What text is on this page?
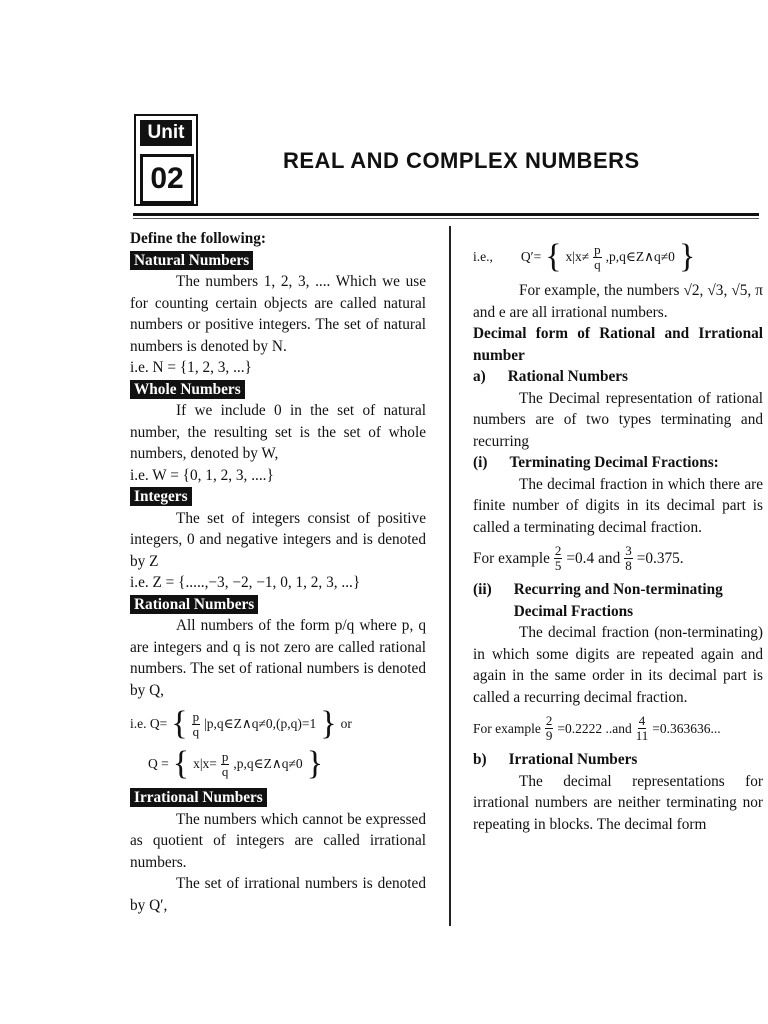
Unit
02
REAL AND COMPLEX NUMBERS

Define the following:

Natural Numbers

The numbers 1, 2, 3, .... Which we use for counting certain objects are called natural numbers or positive integers. The set of natural numbers is denoted by N.

i.e. N = {1, 2, 3, ...}

Whole Numbers

If we include 0 in the set of natural number, the resulting set is the set of whole numbers, denoted by W,

i.e. W = {0, 1, 2, 3, ....}

Integers

The set of integers consist of positive integers, 0 and negative integers and is denoted by Z

i.e. Z = {.....,−3, −2, −1, 0, 1, 2, 3, ...}

Rational Numbers

All numbers of the form p/q where p, q are integers and q is not zero are called rational numbers. The set of rational numbers is denoted by Q,

i.e. Q= { $\frac{p}{q}$ |p,q∈Z∧q≠0,(p,q)=1 } or
Q = { $x|x= \frac{p}{q}$ ,p,q∈Z∧q≠0 }
Irrational Numbers

The numbers which cannot be expressed as quotient of integers are called irrational numbers.

The set of irrational numbers is denoted by Q′,

i.e., Q′= { $x|x\ne \frac{p}{q}$ ,p,q∈Z∧q≠0 }

For example, the numbers √2, √3, √5, π and e are all irrational numbers.

Decimal form of Rational and Irrational number

a) Rational Numbers

The Decimal representation of rational numbers are of two types terminating and recurring

(i) Terminating Decimal Fractions:

The decimal fraction in which there are finite number of digits in its decimal part is called a terminating decimal fraction.

For example $\frac{2}{5} =0.4$ and $\frac{3}{8} =0.375$.
(ii) Recurring and Non-terminating Decimal Fractions

The decimal fraction (non-terminating) in which some digits are repeated again and again in the same order in its decimal part is called a recurring decimal fraction.

For example $\frac{2}{9} =0.2222$ $..and \frac{4}{11} =0.363636$...
b) Irrational Numbers

The decimal representations for irrational numbers are neither terminating nor repeating in blocks. The decimal form
